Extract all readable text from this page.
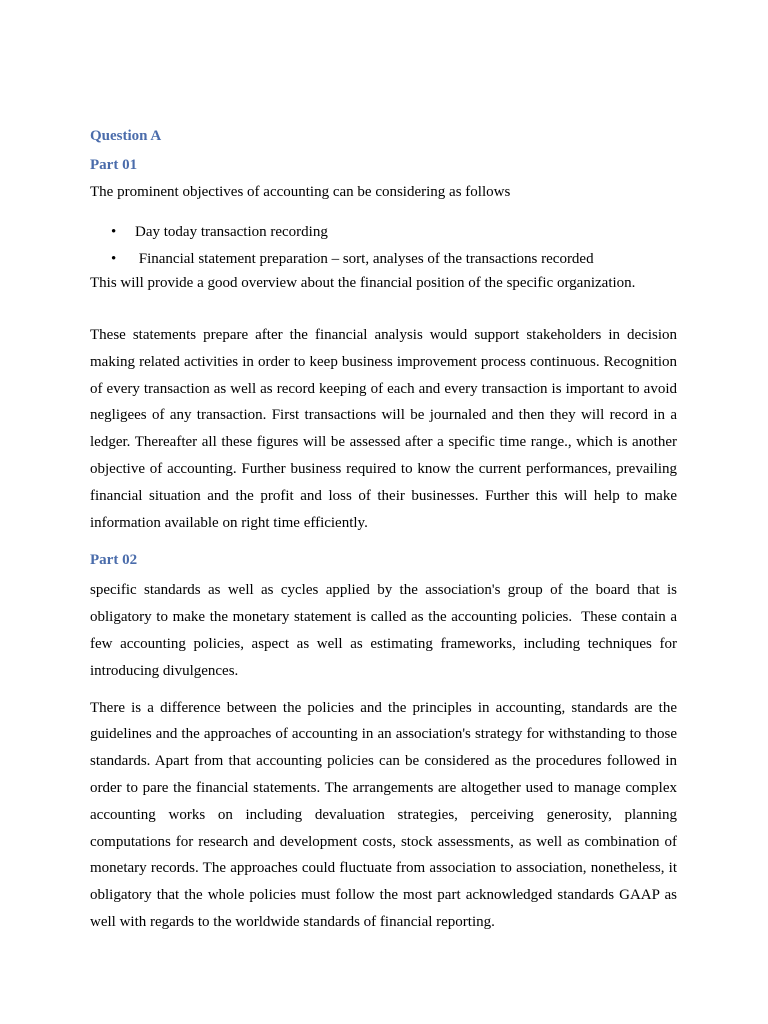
Question A
Part 01

The prominent objectives of accounting can be considering as follows

• Day today transaction recording
• Financial statement preparation – sort, analyses of the transactions recorded

This will provide a good overview about the financial position of the specific organization.

These statements prepare after the financial analysis would support stakeholders in decision making related activities in order to keep business improvement process continuous. Recognition of every transaction as well as record keeping of each and every transaction is important to avoid negligees of any transaction. First transactions will be journaled and then they will record in a ledger. Thereafter all these figures will be assessed after a specific time range., which is another objective of accounting. Further business required to know the current performances, prevailing financial situation and the profit and loss of their businesses. Further this will help to make information available on right time efficiently.

Part 02

specific standards as well as cycles applied by the association's group of the board that is obligatory to make the monetary statement is called as the accounting policies.  These contain a few accounting policies, aspect as well as estimating frameworks, including techniques for introducing divulgences.

There is a difference between the policies and the principles in accounting, standards are the guidelines and the approaches of accounting in an association's strategy for withstanding to those standards. Apart from that accounting policies can be considered as the procedures followed in order to pare the financial statements. The arrangements are altogether used to manage complex accounting works on including devaluation strategies, perceiving generosity, planning computations for research and development costs, stock assessments, as well as combination of monetary records. The approaches could fluctuate from association to association, nonetheless, it obligatory that the whole policies must follow the most part acknowledged standards GAAP as well with regards to the worldwide standards of financial reporting.
